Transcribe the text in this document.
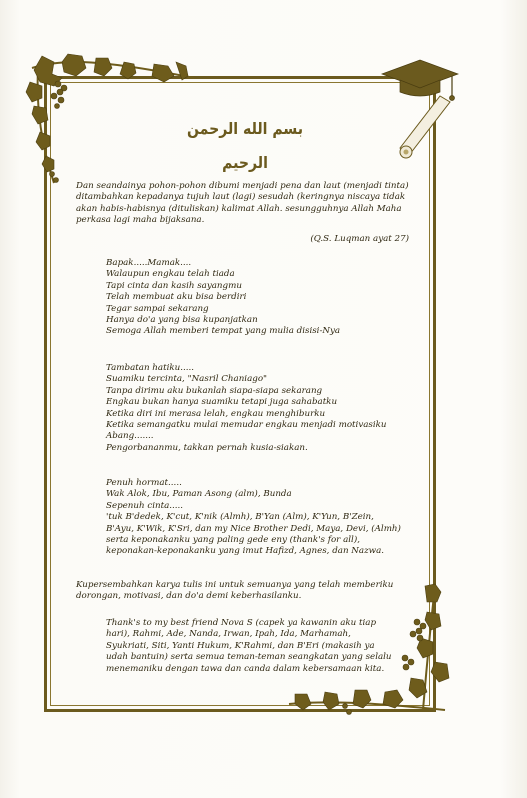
بسم الله الرحمن الرحيم
Dan seandainya pohon-pohon dibumi menjadi pena dan laut (menjadi tinta)
ditambahkan kepadanya tujuh laut (lagi) sesudah (keringnya niscaya tidak
akan habis-habisnya (dituliskan) kalimat Allah. sesungguhnya Allah Maha
perkasa lagi maha bijaksana.
(Q.S. Luqman ayat 27)
Bapak.....Mamak....
Walaupun engkau telah tiada
Tapi cinta dan kasih sayangmu
Telah membuat aku bisa berdiri
Tegar sampai sekarang
Hanya do'a yang bisa kupanjatkan
Semoga Allah memberi tempat yang mulia disisi-Nya
Tambatan hatiku.....
Suamiku tercinta, "Nasril Chaniago"
Tanpa dirimu aku bukanlah siapa-siapa sekarang
Engkau bukan hanya suamiku tetapi juga sahabatku
Ketika diri ini merasa lelah, engkau menghiburku
Ketika semangatku mulai memudar engkau menjadi motivasiku
Abang.......
Pengorbananmu, takkan pernah kusia-siakan.
Penuh hormat.....
Wak Alok, Ibu, Paman Asong (alm), Bunda
Sepenuh cinta.....
'tuk B'dedek, K'cut, K'nik (Almh), B'Yan (Alm), K'Yun, B'Zein,
B'Ayu, K'Wik, K'Sri, dan my Nice Brother Dedi, Maya, Devi, (Almh)
serta keponakanku yang paling gede eny (thank's for all),
keponakan-keponakanku yang imut Hafizd, Agnes, dan Nazwa.
Kupersembahkan karya tulis ini untuk semuanya yang telah memberiku
dorongan, motivasi, dan do'a demi keberhasilanku.
Thank's to my best friend Nova S (capek ya kawanin aku tiap
hari), Rahmi, Ade, Nanda, Irwan, Ipah, Ida, Marhamah,
Syukriati, Siti, Yanti Hukum, K'Rahmi, dan B'Eri (makasih ya
udah bantuin) serta semua teman-teman seangkatan yang selalu
menemaniku dengan tawa dan canda dalam kebersamaan kita.
